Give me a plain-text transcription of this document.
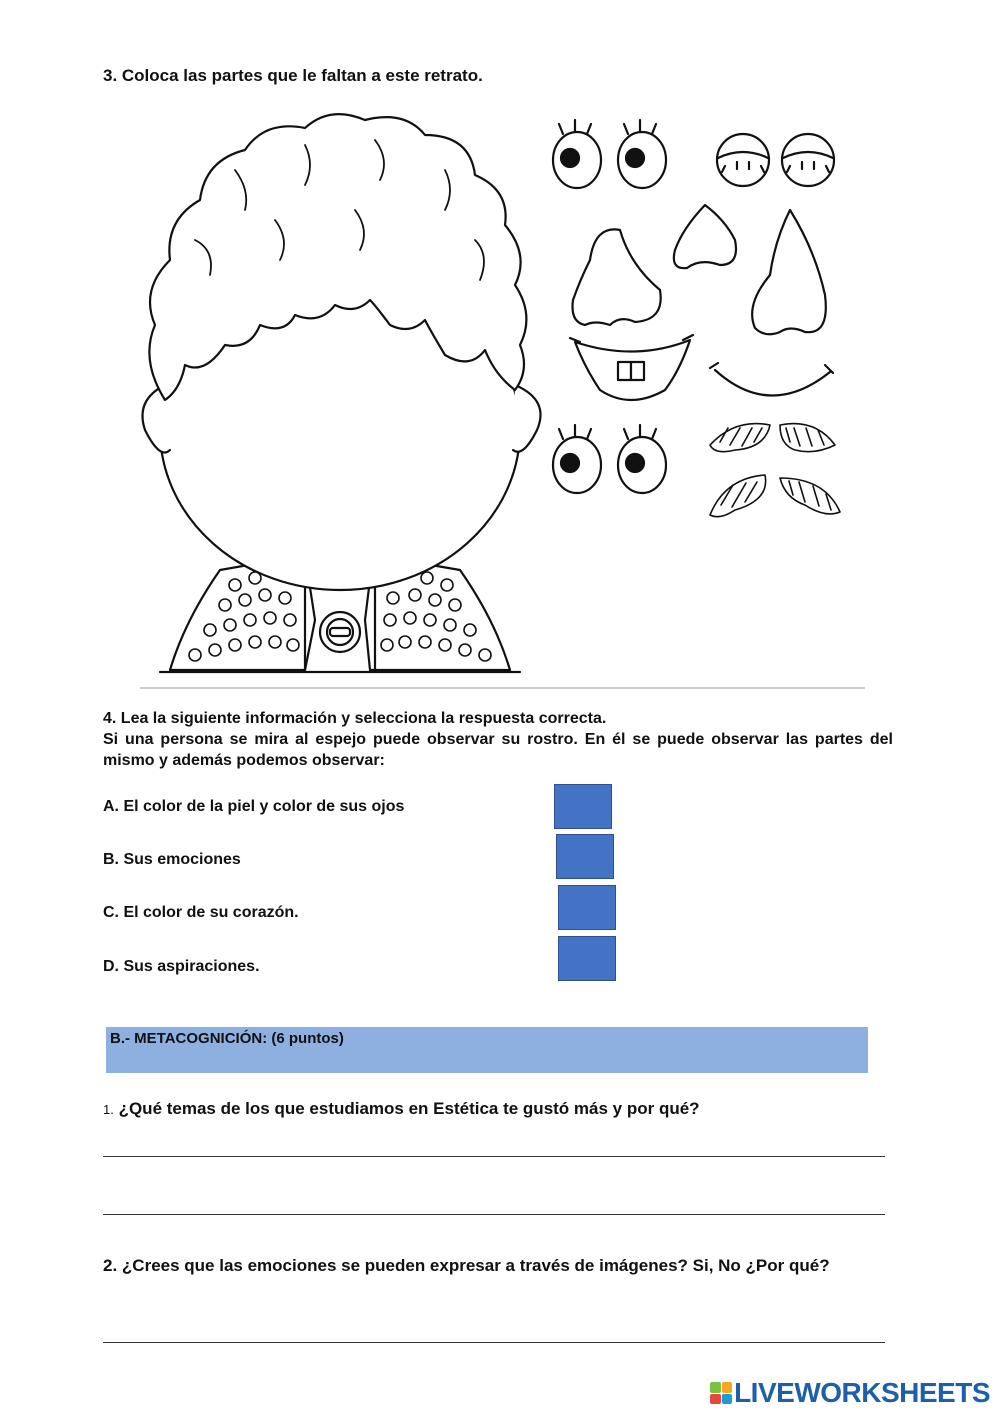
3. Coloca las partes que le faltan a este retrato.
4. Lea la siguiente información y selecciona la respuesta correcta.
Si una persona se mira al espejo puede observar su rostro. En él se puede observar las partes del mismo y además podemos observar:
A. El color de la piel y color de sus ojos
B. Sus emociones
C. El color de su corazón.
D. Sus aspiraciones.
B.- METACOGNICIÓN: (6 puntos)
1. ¿Qué temas de los que estudiamos en Estética te gustó más y por qué?
2. ¿Crees que las emociones se pueden expresar a través de imágenes? Si, No ¿Por qué?
LIVEWORKSHEETS
